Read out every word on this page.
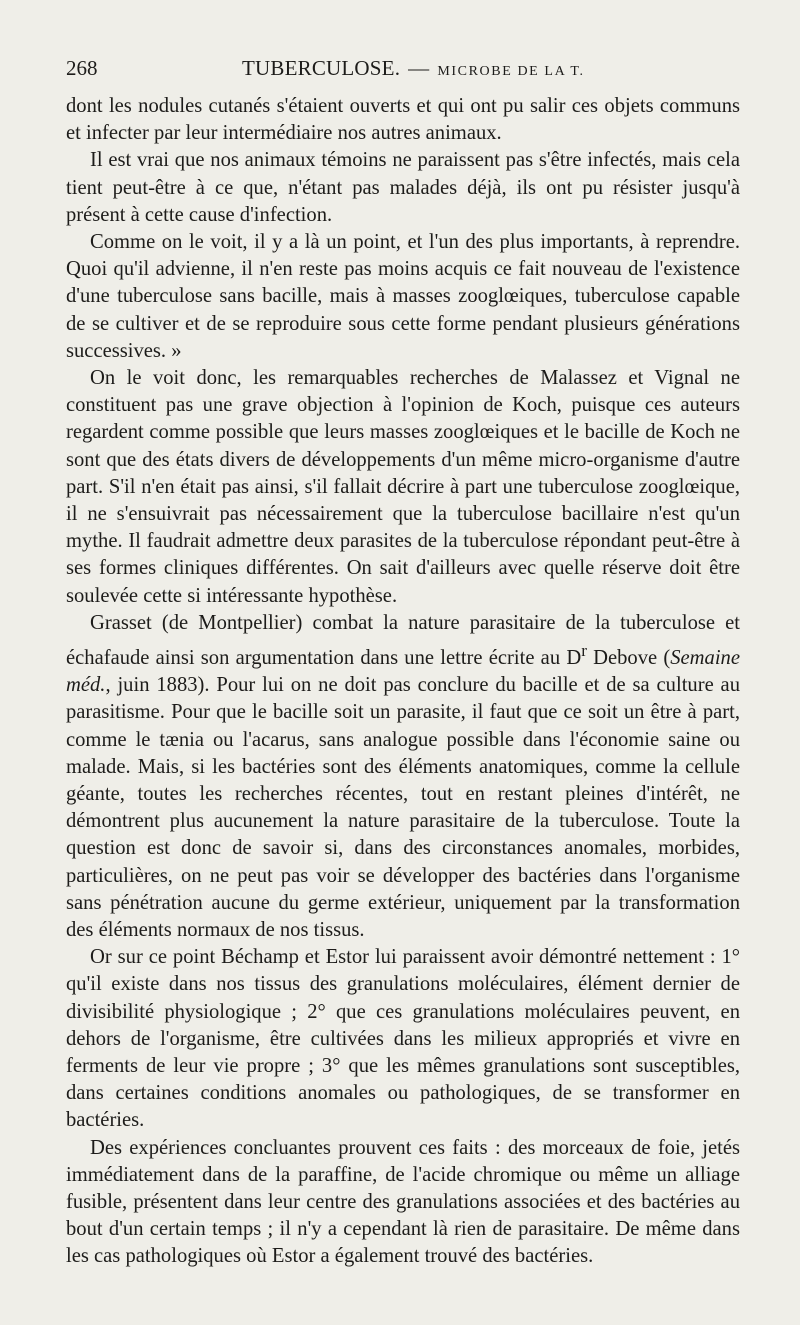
268	TUBERCULOSE. — MICROBE DE LA T.

dont les nodules cutanés s'étaient ouverts et qui ont pu salir ces objets communs et infecter par leur intermédiaire nos autres animaux.

Il est vrai que nos animaux témoins ne paraissent pas s'être infectés, mais cela tient peut-être à ce que, n'étant pas malades déjà, ils ont pu résister jusqu'à présent à cette cause d'infection.

Comme on le voit, il y a là un point, et l'un des plus importants, à reprendre. Quoi qu'il advienne, il n'en reste pas moins acquis ce fait nouveau de l'existence d'une tuberculose sans bacille, mais à masses zooglœiques, tuberculose capable de se cultiver et de se reproduire sous cette forme pendant plusieurs générations successives. »

On le voit donc, les remarquables recherches de Malassez et Vignal ne constituent pas une grave objection à l'opinion de Koch, puisque ces auteurs regardent comme possible que leurs masses zooglœiques et le bacille de Koch ne sont que des états divers de développements d'un même micro-organisme d'autre part. S'il n'en était pas ainsi, s'il fallait décrire à part une tuberculose zooglœique, il ne s'ensuivrait pas nécessairement que la tuberculose bacillaire n'est qu'un mythe. Il faudrait admettre deux parasites de la tuberculose répondant peut-être à ses formes cliniques différentes. On sait d'ailleurs avec quelle réserve doit être soulevée cette si intéressante hypothèse.

Grasset (de Montpellier) combat la nature parasitaire de la tuberculose et échafaude ainsi son argumentation dans une lettre écrite au $D^r$ Debove (Semaine méd., juin 1883). Pour lui on ne doit pas conclure du bacille et de sa culture au parasitisme. Pour que le bacille soit un parasite, il faut que ce soit un être à part, comme le tænia ou l'acarus, sans analogue possible dans l'économie saine ou malade. Mais, si les bactéries sont des éléments anatomiques, comme la cellule géante, toutes les recherches récentes, tout en restant pleines d'intérêt, ne démontrent plus aucunement la nature parasitaire de la tuberculose. Toute la question est donc de savoir si, dans des circonstances anomales, morbides, particulières, on ne peut pas voir se développer des bactéries dans l'organisme sans pénétration aucune du germe extérieur, uniquement par la transformation des éléments normaux de nos tissus.

Or sur ce point Béchamp et Estor lui paraissent avoir démontré nettement : 1° qu'il existe dans nos tissus des granulations moléculaires, élément dernier de divisibilité physiologique ; 2° que ces granulations moléculaires peuvent, en dehors de l'organisme, être cultivées dans les milieux appropriés et vivre en ferments de leur vie propre ; 3° que les mêmes granulations sont susceptibles, dans certaines conditions anomales ou pathologiques, de se transformer en bactéries.

Des expériences concluantes prouvent ces faits : des morceaux de foie, jetés immédiatement dans de la paraffine, de l'acide chromique ou même un alliage fusible, présentent dans leur centre des granulations associées et des bactéries au bout d'un certain temps ; il n'y a cependant là rien de parasitaire. De même dans les cas pathologiques où Estor a également trouvé des bactéries.
